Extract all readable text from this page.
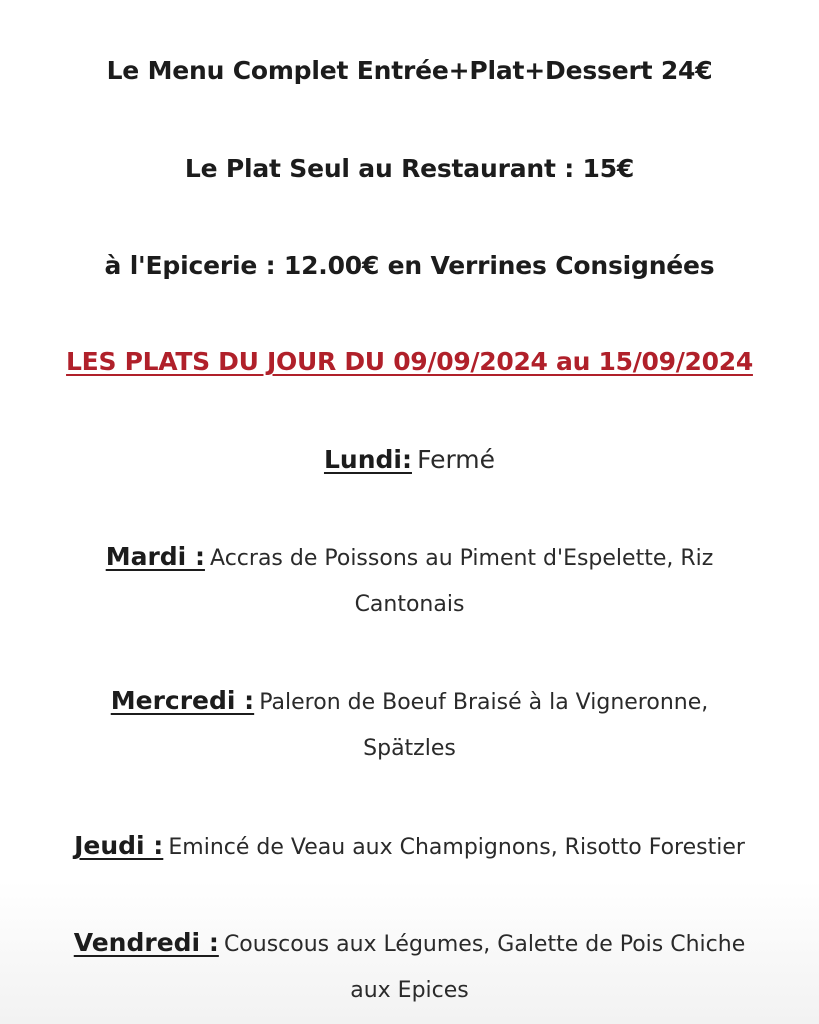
Le Menu Complet Entrée+Plat+Dessert 24€
Le Plat Seul au Restaurant : 15€
à l'Epicerie : 12.00€ en Verrines Consignées
LES PLATS DU JOUR DU 09/09/2024 au 15/09/2024
Lundi: Fermé
Mardi : Accras de Poissons au Piment d'Espelette, Riz
Cantonais
Mercredi : Paleron de Boeuf Braisé à la Vigneronne,
Spätzles
Jeudi : Emincé de Veau aux Champignons, Risotto Forestier
Vendredi : Couscous aux Légumes, Galette de Pois Chiche
aux Epices
